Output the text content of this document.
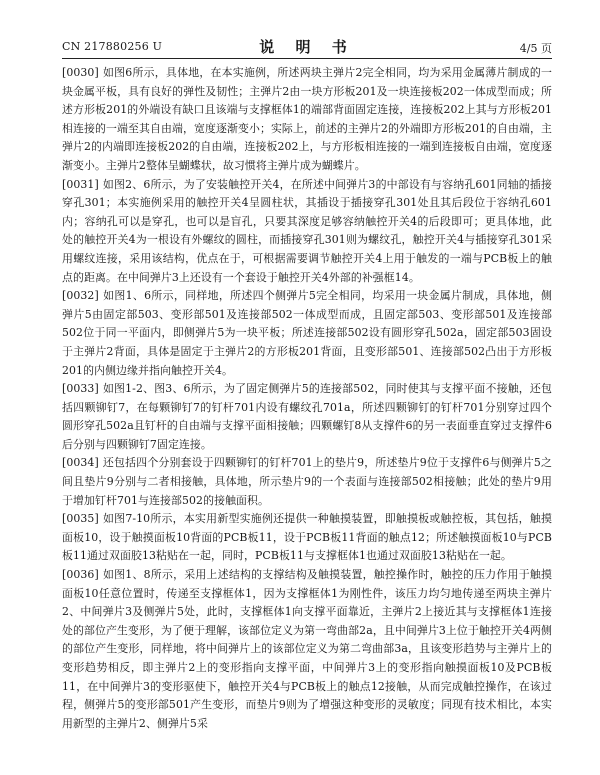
CN 217880256 U	说 明 书	4/5 页

[0030] 如图6所示，具体地，在本实施例，所述两块主弹片2完全相同，均为采用金属薄片制成的一块金属平板，具有良好的弹性及韧性；主弹片2由一块方形板201及一块连接板202一体成型而成；所述方形板201的外端设有缺口且该端与支撑框体1的端部背面固定连接，连接板202上其与方形板201相连接的一端至其自由端，宽度逐渐变小；实际上，前述的主弹片2的外端即方形板201的自由端，主弹片2的内端即连接板202的自由端，连接板202上，与方形板相连接的一端到连接板自由端，宽度逐渐变小。主弹片2整体呈蝴蝶状，故习惯将主弹片成为蝴蝶片。

[0031] 如图2、6所示，为了安装触控开关4，在所述中间弹片3的中部设有与容纳孔601同轴的插接穿孔301；本实施例采用的触控开关4呈圆柱状，其插设于插接穿孔301处且其后段位于容纳孔601内；容纳孔可以是穿孔，也可以是盲孔，只要其深度足够容纳触控开关4的后段即可；更具体地，此处的触控开关4为一根设有外螺纹的圆柱，而插接穿孔301则为螺纹孔，触控开关4与插接穿孔301采用螺纹连接，采用该结构，优点在于，可根据需要调节触控开关4上用于触发的一端与PCB板上的触点的距离。在中间弹片3上还设有一个套设于触控开关4外部的补强框14。

[0032] 如图1、6所示，同样地，所述四个侧弹片5完全相同，均采用一块金属片制成，具体地，侧弹片5由固定部503、变形部501及连接部502一体成型而成，且固定部503、变形部501及连接部502位于同一平面内，即侧弹片5为一块平板；所述连接部502设有圆形穿孔502a，固定部503固设于主弹片2背面，具体是固定于主弹片2的方形板201背面，且变形部501、连接部502凸出于方形板201的内侧边缘并指向触控开关4。

[0033] 如图1-2、图3、6所示，为了固定侧弹片5的连接部502，同时使其与支撑平面不接触，还包括四颗铆钉7，在每颗铆钉7的钉杆701内设有螺纹孔701a，所述四颗铆钉的钉杆701分别穿过四个圆形穿孔502a且钉杆的自由端与支撑平面相接触；四颗螺钉8从支撑件6的另一表面垂直穿过支撑件6后分别与四颗铆钉7固定连接。

[0034] 还包括四个分别套设于四颗铆钉的钉杆701上的垫片9，所述垫片9位于支撑件6与侧弹片5之间且垫片9分别与二者相接触，具体地，所示垫片9的一个表面与连接部502相接触；此处的垫片9用于增加钉杆701与连接部502的接触面积。

[0035] 如图7-10所示，本实用新型实施例还提供一种触摸装置，即触摸板或触控板，其包括，触摸面板10，设于触摸面板10背面的PCB板11，设于PCB板11背面的触点12；所述触摸面板10与PCB板11通过双面胶13粘贴在一起，同时，PCB板11与支撑框体1也通过双面胶13粘贴在一起。

[0036] 如图1、8所示，采用上述结构的支撑结构及触摸装置，触控操作时，触控的压力作用于触摸面板10任意位置时，传递至支撑框体1，因为支撑框体1为刚性件，该压力均匀地传递至两块主弹片2、中间弹片3及侧弹片5处，此时，支撑框体1向支撑平面靠近，主弹片2上接近其与支撑框体1连接处的部位产生变形，为了便于理解，该部位定义为第一弯曲部2a，且中间弹片3上位于触控开关4两侧的部位产生变形，同样地，将中间弹片上的该部位定义为第二弯曲部3a，且该变形趋势与主弹片上的变形趋势相反，即主弹片2上的变形指向支撑平面，中间弹片3上的变形指向触摸面板10及PCB板11，在中间弹片3的变形驱使下，触控开关4与PCB板上的触点12接触，从而完成触控操作，在该过程，侧弹片5的变形部501产生变形，而垫片9则为了增强这种变形的灵敏度；同现有技术相比，本实用新型的主弹片2、侧弹片5采
